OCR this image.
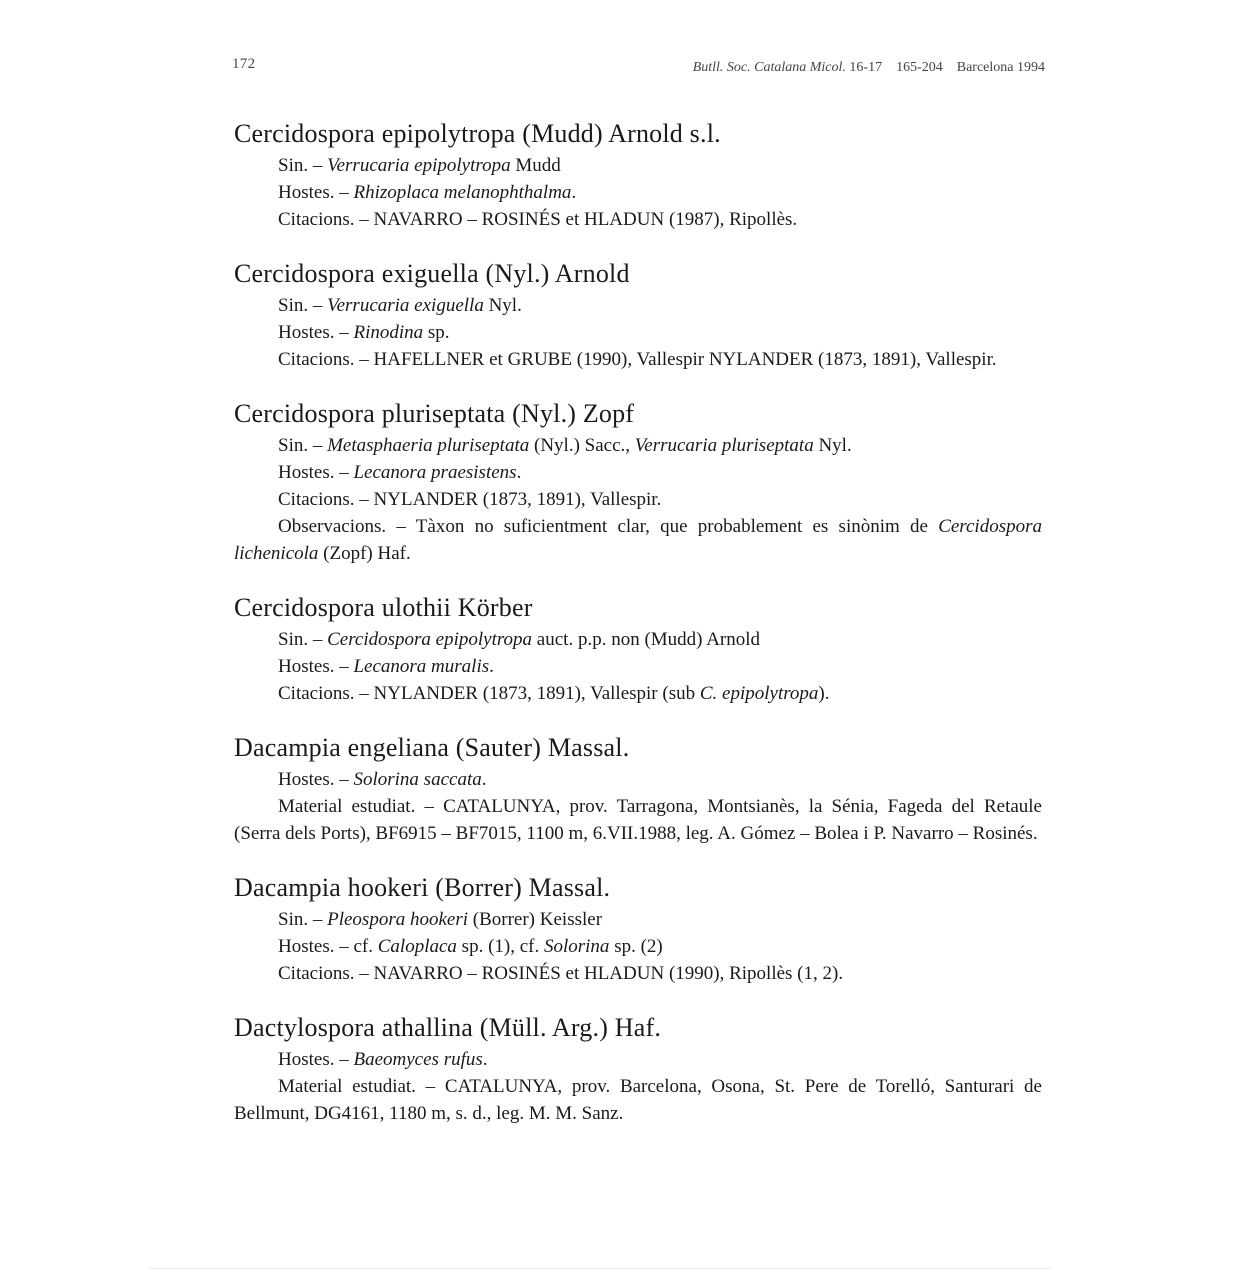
172	Butll. Soc. Catalana Micol. 16-17 165-204 Barcelona 1994
Cercidospora epipolytropa (Mudd) Arnold s.l.

Sin. – Verrucaria epipolytropa Mudd

Hostes. – Rhizoplaca melanophthalma.

Citacions. – NAVARRO – ROSINÉS et HLADUN (1987), Ripollès.

Cercidospora exiguella (Nyl.) Arnold

Sin. – Verrucaria exiguella Nyl.

Hostes. – Rinodina sp.

Citacions. – HAFELLNER et GRUBE (1990), Vallespir NYLANDER (1873, 1891), Vallespir.

Cercidospora pluriseptata (Nyl.) Zopf

Sin. – Metasphaeria pluriseptata (Nyl.) Sacc., Verrucaria pluriseptata Nyl.

Hostes. – Lecanora praesistens.

Citacions. – NYLANDER (1873, 1891), Vallespir.

Observacions. – Tàxon no suficientment clar, que probablement es sinònim de Cercidospora lichenicola (Zopf) Haf.

Cercidospora ulothii Körber

Sin. – Cercidospora epipolytropa auct. p.p. non (Mudd) Arnold

Hostes. – Lecanora muralis.

Citacions. – NYLANDER (1873, 1891), Vallespir (sub C. epipolytropa).

Dacampia engeliana (Sauter) Massal.

Hostes. – Solorina saccata.

Material estudiat. – CATALUNYA, prov. Tarragona, Montsianès, la Sénia, Fageda del Retaule (Serra dels Ports), BF6915 – BF7015, 1100 m, 6.VII.1988, leg. A. Gómez – Bolea i P. Navarro – Rosinés.

Dacampia hookeri (Borrer) Massal.

Sin. – Pleospora hookeri (Borrer) Keissler

Hostes. – cf. Caloplaca sp. (1), cf. Solorina sp. (2)

Citacions. – NAVARRO – ROSINÉS et HLADUN (1990), Ripollès (1, 2).

Dactylospora athallina (Müll. Arg.) Haf.

Hostes. – Baeomyces rufus.

Material estudiat. – CATALUNYA, prov. Barcelona, Osona, St. Pere de Torelló, Santurari de Bellmunt, DG4161, 1180 m, s. d., leg. M. M. Sanz.
